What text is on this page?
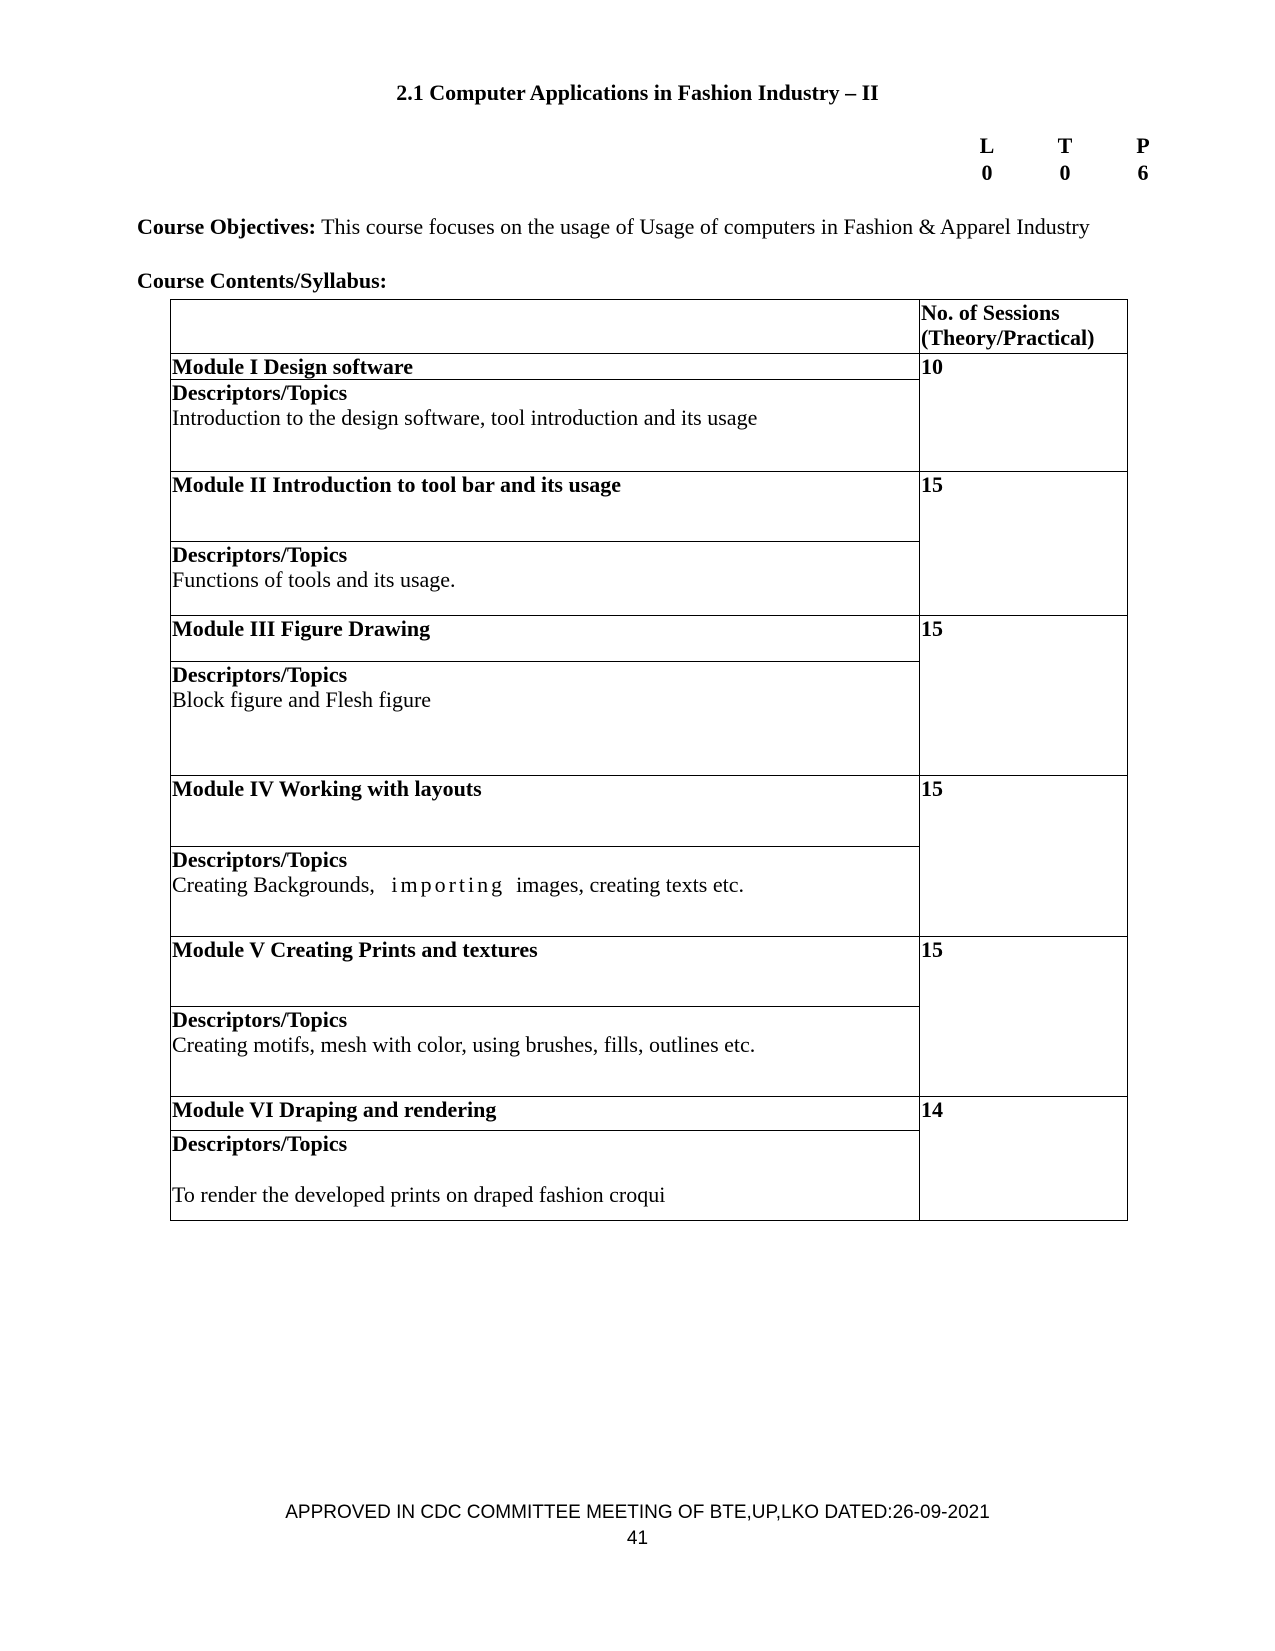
2.1 Computer Applications in Fashion Industry – II
L	T	P
0	0	6
Course Objectives: This course focuses on the usage of Usage of computers in Fashion & Apparel Industry
Course Contents/Syllabus:

	No. of Sessions
(Theory/Practical)

Module I Design software	10

Descriptors/Topics
Introduction to the design software, tool introduction and its usage	

Module II Introduction to tool bar and its usage	15

Descriptors/Topics
Functions of tools and its usage.	

Module III Figure Drawing	15

Descriptors/Topics
Block figure and Flesh figure	

Module IV Working with layouts	15

Descriptors/Topics
Creating Backgrounds,   importing  images, creating texts etc.	

Module V Creating Prints and textures	15

Descriptors/Topics
Creating motifs, mesh with color, using brushes, fills, outlines etc.	

Module VI Draping and rendering	14

Descriptors/Topics
To render the developed prints on draped fashion croqui	
APPROVED IN CDC COMMITTEE MEETING OF BTE,UP,LKO DATED:26-09-2021
41
